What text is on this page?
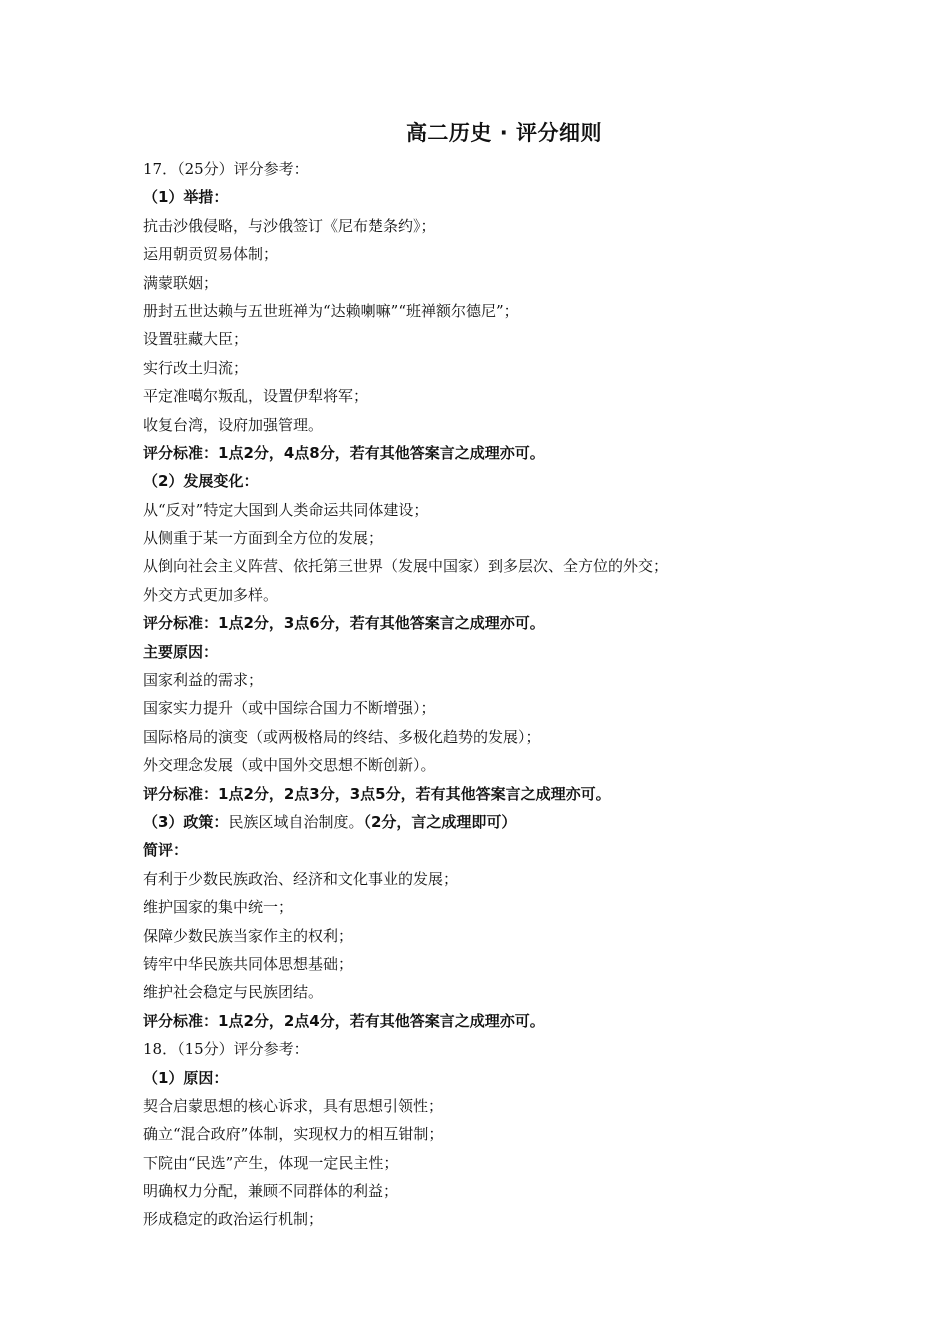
高二历史 · 评分细则
17．（25分）评分参考：
（1）举措：
抗击沙俄侵略，与沙俄签订《尼布楚条约》；
运用朝贡贸易体制；
满蒙联姻；
册封五世达赖与五世班禅为“达赖喇嘛”“班禅额尔德尼”；
设置驻藏大臣；
实行改土归流；
平定准噶尔叛乱，设置伊犁将军；
收复台湾，设府加强管理。
评分标准：1点2分，4点8分，若有其他答案言之成理亦可。
（2）发展变化：
从“反对”特定大国到人类命运共同体建设；
从侧重于某一方面到全方位的发展；
从倒向社会主义阵营、依托第三世界（发展中国家）到多层次、全方位的外交；
外交方式更加多样。
评分标准：1点2分，3点6分，若有其他答案言之成理亦可。
主要原因：
国家利益的需求；
国家实力提升（或中国综合国力不断增强）；
国际格局的演变（或两极格局的终结、多极化趋势的发展）；
外交理念发展（或中国外交思想不断创新）。
评分标准：1点2分，2点3分，3点5分，若有其他答案言之成理亦可。
（3）政策：民族区域自治制度。（2分，言之成理即可）
简评：
有利于少数民族政治、经济和文化事业的发展；
维护国家的集中统一；
保障少数民族当家作主的权利；
铸牢中华民族共同体思想基础；
维护社会稳定与民族团结。
评分标准：1点2分，2点4分，若有其他答案言之成理亦可。
18．（15分）评分参考：
（1）原因：
契合启蒙思想的核心诉求，具有思想引领性；
确立“混合政府”体制，实现权力的相互钳制；
下院由“民选”产生，体现一定民主性；
明确权力分配，兼顾不同群体的利益；
形成稳定的政治运行机制；
